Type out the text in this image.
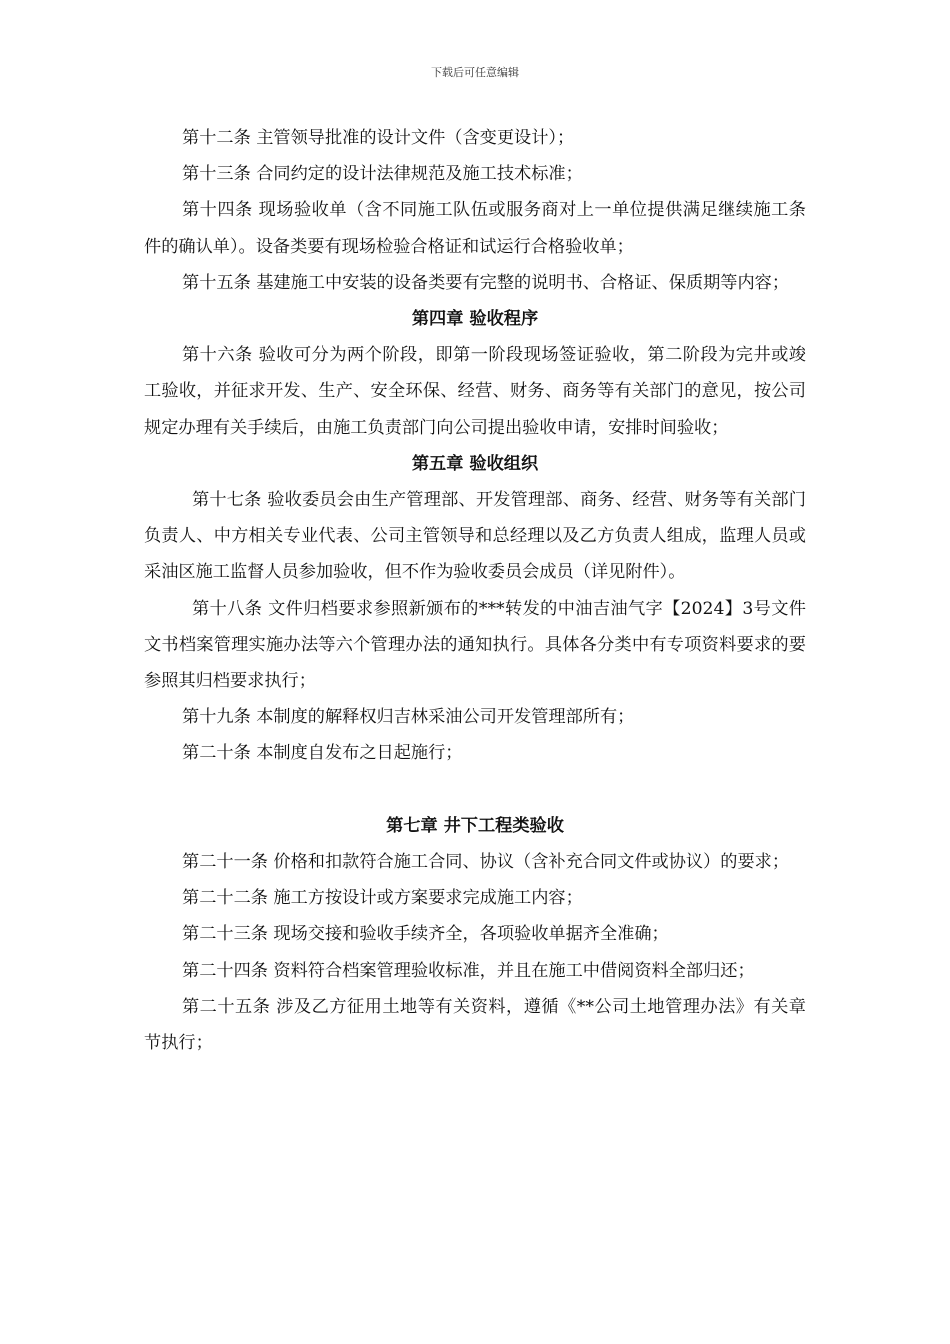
下载后可任意编辑

第十二条 主管领导批准的设计文件（含变更设计）；

第十三条 合同约定的设计法律规范及施工技术标准；

第十四条 现场验收单（含不同施工队伍或服务商对上一单位提供满足继续施工条件的确认单）。设备类要有现场检验合格证和试运行合格验收单；

第十五条 基建施工中安装的设备类要有完整的说明书、合格证、保质期等内容；

第四章 验收程序

第十六条 验收可分为两个阶段，即第一阶段现场签证验收，第二阶段为完井或竣工验收，并征求开发、生产、安全环保、经营、财务、商务等有关部门的意见，按公司规定办理有关手续后，由施工负责部门向公司提出验收申请，安排时间验收；

第五章 验收组织

第十七条 验收委员会由生产管理部、开发管理部、商务、经营、财务等有关部门负责人、中方相关专业代表、公司主管领导和总经理以及乙方负责人组成，监理人员或采油区施工监督人员参加验收，但不作为验收委员会成员（详见附件）。

第十八条 文件归档要求参照新颁布的***转发的中油吉油气字【2024】3号文件文书档案管理实施办法等六个管理办法的通知执行。具体各分类中有专项资料要求的要参照其归档要求执行；

第十九条 本制度的解释权归吉林采油公司开发管理部所有；

第二十条 本制度自发布之日起施行；

第七章 井下工程类验收

第二十一条 价格和扣款符合施工合同、协议（含补充合同文件或协议）的要求；

第二十二条 施工方按设计或方案要求完成施工内容；

第二十三条 现场交接和验收手续齐全，各项验收单据齐全准确；

第二十四条 资料符合档案管理验收标准，并且在施工中借阅资料全部归还；

第二十五条 涉及乙方征用土地等有关资料，遵循《**公司土地管理办法》有关章节执行；
